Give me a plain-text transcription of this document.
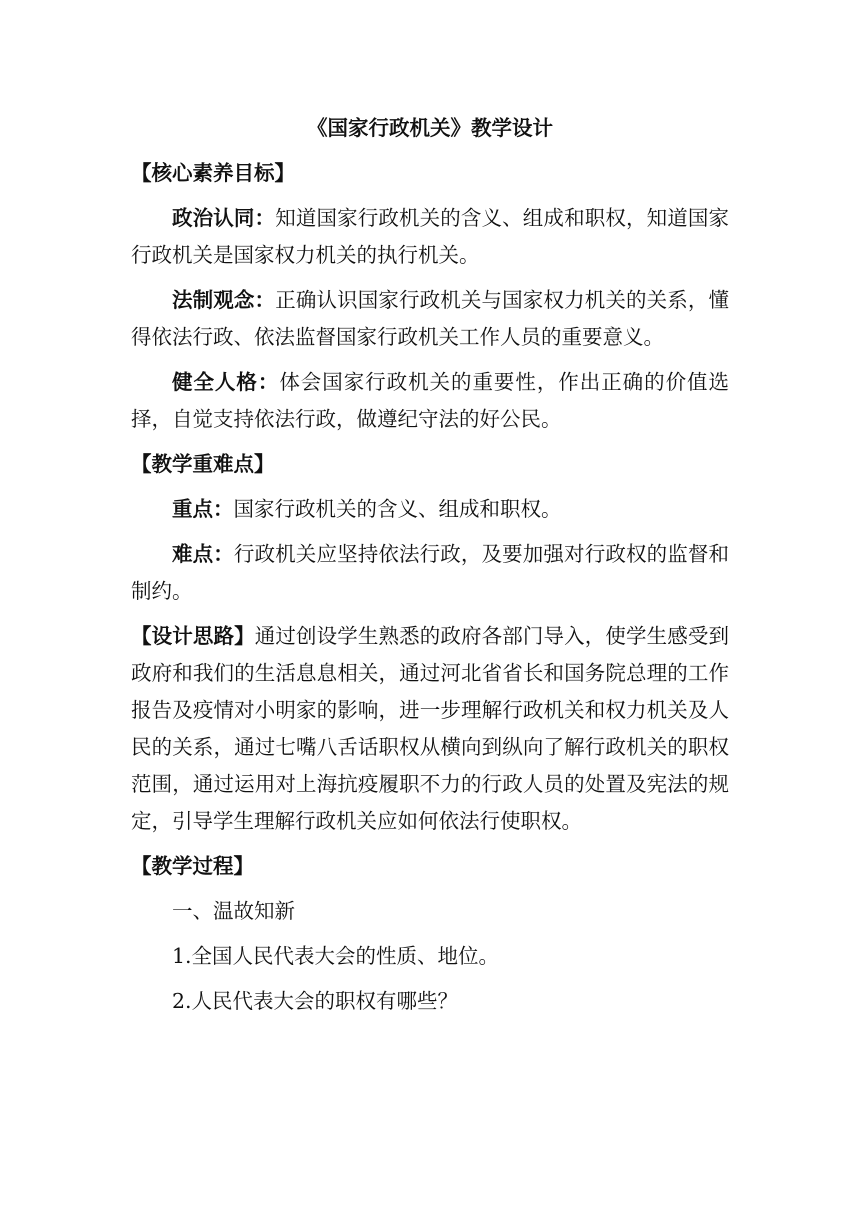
《国家行政机关》教学设计
【核心素养目标】
政治认同：知道国家行政机关的含义、组成和职权，知道国家行政机关是国家权力机关的执行机关。
法制观念：正确认识国家行政机关与国家权力机关的关系，懂得依法行政、依法监督国家行政机关工作人员的重要意义。
健全人格：体会国家行政机关的重要性，作出正确的价值选择，自觉支持依法行政，做遵纪守法的好公民。
【教学重难点】
重点：国家行政机关的含义、组成和职权。
难点：行政机关应坚持依法行政，及要加强对行政权的监督和制约。
【设计思路】通过创设学生熟悉的政府各部门导入，使学生感受到政府和我们的生活息息相关，通过河北省省长和国务院总理的工作报告及疫情对小明家的影响，进一步理解行政机关和权力机关及人民的关系，通过七嘴八舌话职权从横向到纵向了解行政机关的职权范围，通过运用对上海抗疫履职不力的行政人员的处置及宪法的规定，引导学生理解行政机关应如何依法行使职权。
【教学过程】
一、温故知新
1.全国人民代表大会的性质、地位。
2.人民代表大会的职权有哪些？
